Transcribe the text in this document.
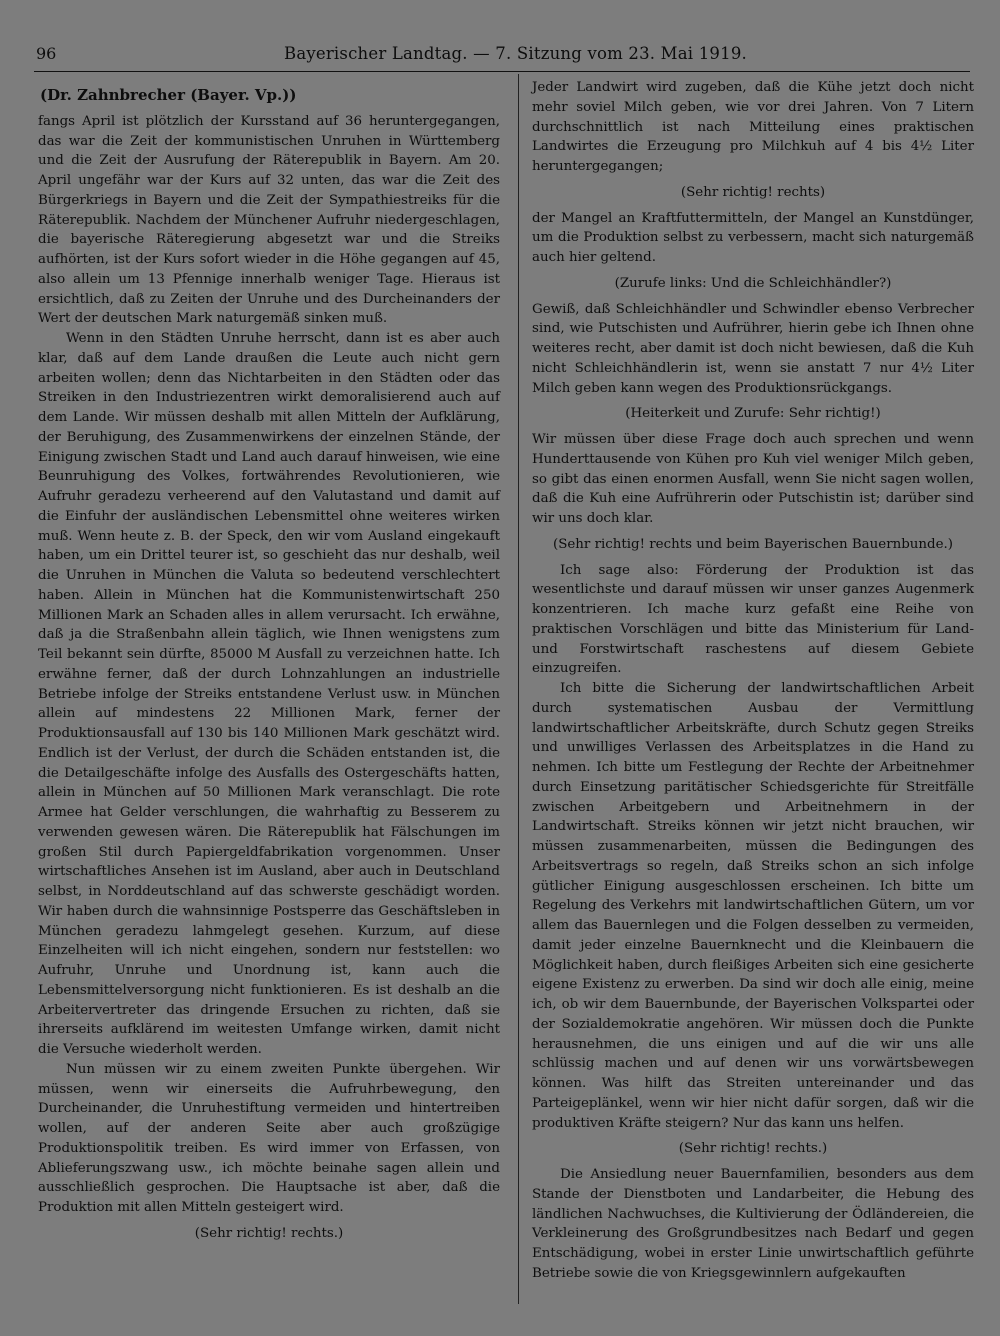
96	Bayerischer Landtag. — 7. Sitzung vom 23. Mai 1919.
(Dr. Zahnbrecher (Bayer. Vp.))

fangs April ist plötzlich der Kursstand auf 36 heruntergegangen, das war die Zeit der kommunistischen Unruhen in Württemberg und die Zeit der Ausrufung der Räterepublik in Bayern. Am 20. April ungefähr war der Kurs auf 32 unten, das war die Zeit des Bürgerkriegs in Bayern und die Zeit der Sympathiestreiks für die Räterepublik. Nachdem der Münchener Aufruhr niedergeschlagen, die bayerische Räteregierung abgesetzt war und die Streiks aufhörten, ist der Kurs sofort wieder in die Höhe gegangen auf 45, also allein um 13 Pfennige innerhalb weniger Tage. Hieraus ist ersichtlich, daß zu Zeiten der Unruhe und des Durcheinanders der Wert der deutschen Mark naturgemäß sinken muß.

Wenn in den Städten Unruhe herrscht, dann ist es aber auch klar, daß auf dem Lande draußen die Leute auch nicht gern arbeiten wollen; denn das Nichtarbeiten in den Städten oder das Streiken in den Industriezentren wirkt demoralisierend auch auf dem Lande. Wir müssen deshalb mit allen Mitteln der Aufklärung, der Beruhigung, des Zusammenwirkens der einzelnen Stände, der Einigung zwischen Stadt und Land auch darauf hinweisen, wie eine Beunruhigung des Volkes, fortwährendes Revolutionieren, wie Aufruhr geradezu verheerend auf den Valutastand und damit auf die Einfuhr der ausländischen Lebensmittel ohne weiteres wirken muß. Wenn heute z. B. der Speck, den wir vom Ausland eingekauft haben, um ein Drittel teurer ist, so geschieht das nur deshalb, weil die Unruhen in München die Valuta so bedeutend verschlechtert haben. Allein in München hat die Kommunistenwirtschaft 250 Millionen Mark an Schaden alles in allem verursacht. Ich erwähne, daß ja die Straßenbahn allein täglich, wie Ihnen wenigstens zum Teil bekannt sein dürfte, 85000 M Ausfall zu verzeichnen hatte. Ich erwähne ferner, daß der durch Lohnzahlungen an industrielle Betriebe infolge der Streiks entstandene Verlust usw. in München allein auf mindestens 22 Millionen Mark, ferner der Produktionsausfall auf 130 bis 140 Millionen Mark geschätzt wird. Endlich ist der Verlust, der durch die Schäden entstanden ist, die die Detailgeschäfte infolge des Ausfalls des Ostergeschäfts hatten, allein in München auf 50 Millionen Mark veranschlagt. Die rote Armee hat Gelder verschlungen, die wahrhaftig zu Besserem zu verwenden gewesen wären. Die Räterepublik hat Fälschungen im großen Stil durch Papiergeldfabrikation vorgenommen. Unser wirtschaftliches Ansehen ist im Ausland, aber auch in Deutschland selbst, in Norddeutschland auf das schwerste geschädigt worden. Wir haben durch die wahnsinnige Postsperre das Geschäftsleben in München geradezu lahmgelegt gesehen. Kurzum, auf diese Einzelheiten will ich nicht eingehen, sondern nur feststellen: wo Aufruhr, Unruhe und Unordnung ist, kann auch die Lebensmittelversorgung nicht funktionieren. Es ist deshalb an die Arbeitervertreter das dringende Ersuchen zu richten, daß sie ihrerseits aufklärend im weitesten Umfange wirken, damit nicht die Versuche wiederholt werden.

Nun müssen wir zu einem zweiten Punkte übergehen. Wir müssen, wenn wir einerseits die Aufruhrbewegung, den Durcheinander, die Unruhestiftung vermeiden und hintertreiben wollen, auf der anderen Seite aber auch großzügige Produktionspolitik treiben. Es wird immer von Erfassen, von Ablieferungszwang usw., ich möchte beinahe sagen allein und ausschließlich gesprochen. Die Hauptsache ist aber, daß die Produktion mit allen Mitteln gesteigert wird.

(Sehr richtig! rechts.)

Jeder Landwirt wird zugeben, daß die Kühe jetzt doch nicht mehr soviel Milch geben, wie vor drei Jahren. Von 7 Litern durchschnittlich ist nach Mitteilung eines praktischen Landwirtes die Erzeugung pro Milchkuh auf 4 bis 4½ Liter heruntergegangen;

(Sehr richtig! rechts)

der Mangel an Kraftfuttermitteln, der Mangel an Kunstdünger, um die Produktion selbst zu verbessern, macht sich naturgemäß auch hier geltend.

(Zurufe links: Und die Schleichhändler?)

Gewiß, daß Schleichhändler und Schwindler ebenso Verbrecher sind, wie Putschisten und Aufrührer, hierin gebe ich Ihnen ohne weiteres recht, aber damit ist doch nicht bewiesen, daß die Kuh nicht Schleichhändlerin ist, wenn sie anstatt 7 nur 4½ Liter Milch geben kann wegen des Produktionsrückgangs.

(Heiterkeit und Zurufe: Sehr richtig!)

Wir müssen über diese Frage doch auch sprechen und wenn Hunderttausende von Kühen pro Kuh viel weniger Milch geben, so gibt das einen enormen Ausfall, wenn Sie nicht sagen wollen, daß die Kuh eine Aufrührerin oder Putschistin ist; darüber sind wir uns doch klar.

(Sehr richtig! rechts und beim Bayerischen Bauernbunde.)

Ich sage also: Förderung der Produktion ist das wesentlichste und darauf müssen wir unser ganzes Augenmerk konzentrieren. Ich mache kurz gefaßt eine Reihe von praktischen Vorschlägen und bitte das Ministerium für Land- und Forstwirtschaft raschestens auf diesem Gebiete einzugreifen.

Ich bitte die Sicherung der landwirtschaftlichen Arbeit durch systematischen Ausbau der Vermittlung landwirtschaftlicher Arbeitskräfte, durch Schutz gegen Streiks und unwilliges Verlassen des Arbeitsplatzes in die Hand zu nehmen. Ich bitte um Festlegung der Rechte der Arbeitnehmer durch Einsetzung paritätischer Schiedsgerichte für Streitfälle zwischen Arbeitgebern und Arbeitnehmern in der Landwirtschaft. Streiks können wir jetzt nicht brauchen, wir müssen zusammenarbeiten, müssen die Bedingungen des Arbeitsvertrags so regeln, daß Streiks schon an sich infolge gütlicher Einigung ausgeschlossen erscheinen. Ich bitte um Regelung des Verkehrs mit landwirtschaftlichen Gütern, um vor allem das Bauernlegen und die Folgen desselben zu vermeiden, damit jeder einzelne Bauernknecht und die Kleinbauern die Möglichkeit haben, durch fleißiges Arbeiten sich eine gesicherte eigene Existenz zu erwerben. Da sind wir doch alle einig, meine ich, ob wir dem Bauernbunde, der Bayerischen Volkspartei oder der Sozialdemokratie angehören. Wir müssen doch die Punkte herausnehmen, die uns einigen und auf die wir uns alle schlüssig machen und auf denen wir uns vorwärtsbewegen können. Was hilft das Streiten untereinander und das Parteigeplänkel, wenn wir hier nicht dafür sorgen, daß wir die produktiven Kräfte steigern? Nur das kann uns helfen.

(Sehr richtig! rechts.)

Die Ansiedlung neuer Bauernfamilien, besonders aus dem Stande der Dienstboten und Landarbeiter, die Hebung des ländlichen Nachwuchses, die Kultivierung der Ödländereien, die Verkleinerung des Großgrundbesitzes nach Bedarf und gegen Entschädigung, wobei in erster Linie unwirtschaftlich geführte Betriebe sowie die von Kriegsgewinnlern aufgekauften
